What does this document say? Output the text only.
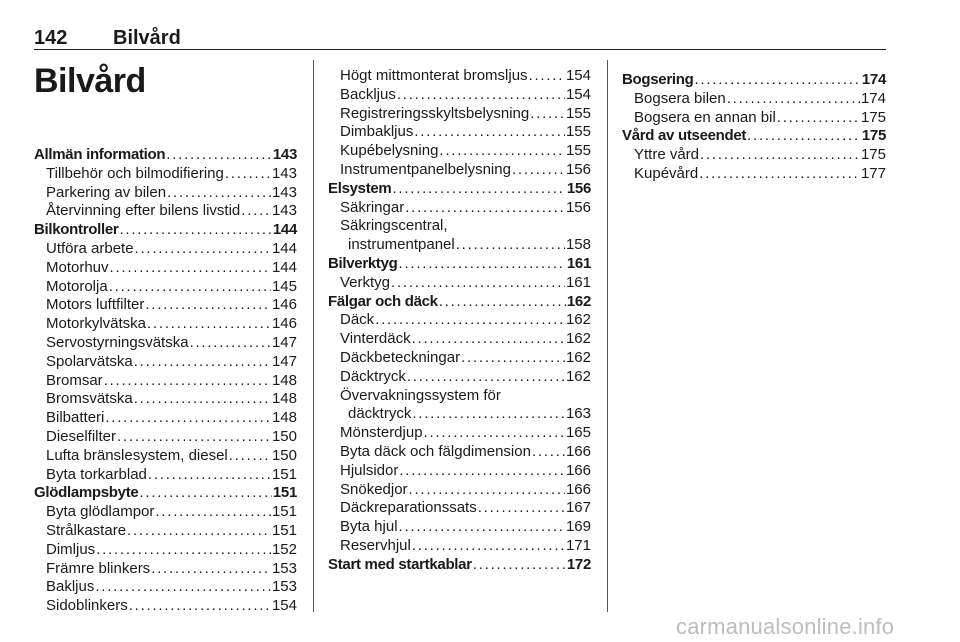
142 Bilvård
Bilvård
Allmän information . . .	143
Tillbehör och bilmodifiering . . .	143
Parkering av bilen . . .	143
Återvinning efter bilens livstid . . . 143
Bilkontroller . . .	144
Utföra arbete . . .	144
Motorhuv . . .	144
Motorolja . . .	145
Motors luftfilter . . .	146
Motorkylvätska . . .	146
Servostyrningsvätska . . .	147
Spolarvätska . . .	147
Bromsar . . .	148
Bromsvätska . . .	148
Bilbatteri . . .	148
Dieselfilter . . .	150
Lufta bränslesystem, diesel . . .	150
Byta torkarblad . . .	151
Glödlampsbyte . . .	151
Byta glödlampor . . .	151
Strålkastare . . .	151
Dimljus . . .	152
Främre blinkers . . .	153
Bakljus . . .	153
Sidoblinkers . . .	154
Högt mittmonterat bromsljus . . .	154
Backljus . . .	154
Registreringsskyltsbelysning . . . 155
Dimbakljus . . .	155
Kupébelysning . . .	155
Instrumentpanelbelysning . . .	156
Elsystem . . .	156
Säkringar . . .	156
Säkringscentral,
instrumentpanel . . .	158
Bilverktyg . . .	161
Verktyg . . .	161
Fälgar och däck . . .	162
Däck . . .	162
Vinterdäck . . .	162
Däckbeteckningar . . .	162
Däcktryck . . .	162
Övervakningssystem för
däcktryck . . .	163
Mönsterdjup . . .	165
Byta däck och fälgdimension . . . 166
Hjulsidor . . .	166
Snökedjor . . .	166
Däckreparationssats . . .	167
Byta hjul . . .	169
Reservhjul . . .	171
Start med startkablar . . .	172
Bogsering . . .	174
Bogsera bilen . . .	174
Bogsera en annan bil . . .	175
Vård av utseendet . . .	175
Yttre vård . . .	175
Kupévård . . .	177
carmanualsonline.info
